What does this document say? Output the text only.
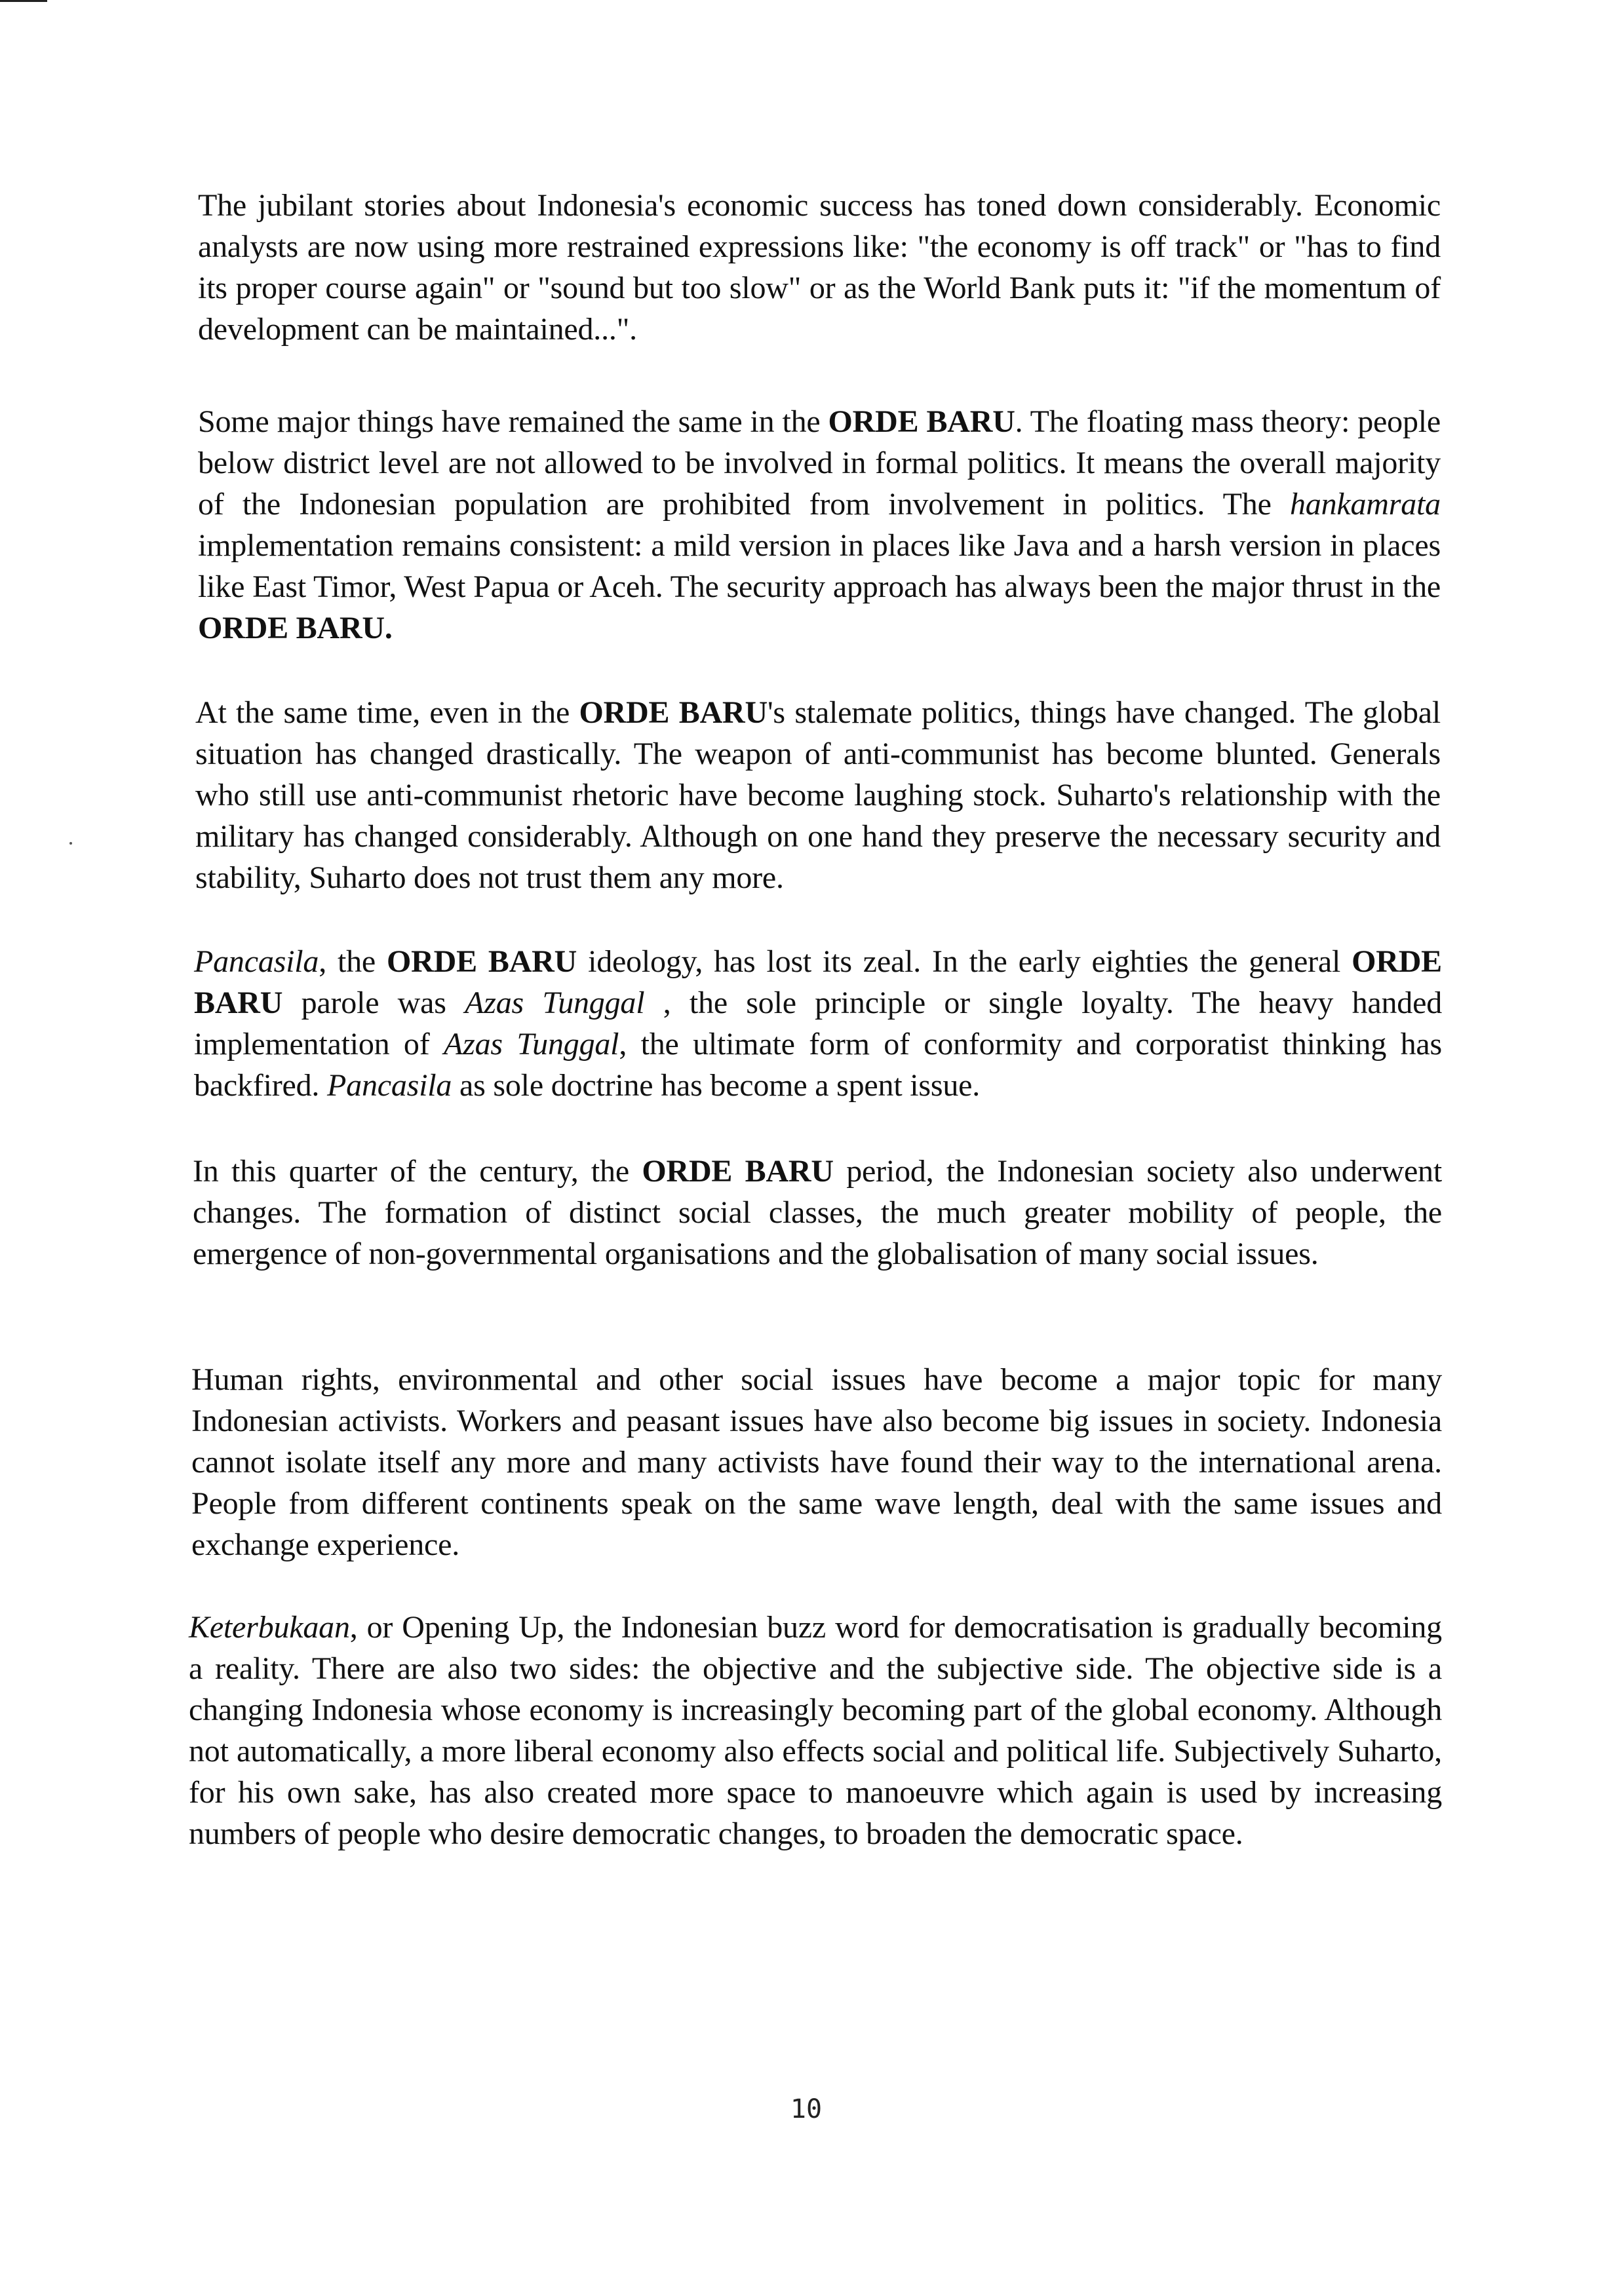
The jubilant stories about Indonesia's economic success has toned down considerably. Economic analysts are now using more restrained expressions like: "the economy is off track" or "has to find its proper course again" or "sound but too slow" or as the World Bank puts it: "if the momentum of development can be maintained...".

Some major things have remained the same in the ORDE BARU. The floating mass theory: people below district level are not allowed to be involved in formal politics. It means the overall majority of the Indonesian population are prohibited from involvement in politics. The hankamrata implementation remains consistent: a mild version in places like Java and a harsh version in places like East Timor, West Papua or Aceh. The security approach has always been the major thrust in the ORDE BARU.

At the same time, even in the ORDE BARU's stalemate politics, things have changed. The global situation has changed drastically. The weapon of anti-communist has become blunted. Generals who still use anti-communist rhetoric have become laughing stock. Suharto's relationship with the military has changed considerably. Although on one hand they preserve the necessary security and stability, Suharto does not trust them any more.

Pancasila, the ORDE BARU ideology, has lost its zeal. In the early eighties the general ORDE BARU parole was Azas Tunggal , the sole principle or single loyalty. The heavy handed implementation of Azas Tunggal, the ultimate form of conformity and corporatist thinking has backfired. Pancasila as sole doctrine has become a spent issue.

In this quarter of the century, the ORDE BARU period, the Indonesian society also underwent changes. The formation of distinct social classes, the much greater mobility of people, the emergence of non-governmental organisations and the globalisation of many social issues.

Human rights, environmental and other social issues have become a major topic for many Indonesian activists. Workers and peasant issues have also become big issues in society. Indonesia cannot isolate itself any more and many activists have found their way to the international arena. People from different continents speak on the same wave length, deal with the same issues and exchange experience.

Keterbukaan, or Opening Up, the Indonesian buzz word for democratisation is gradually becoming a reality. There are also two sides: the objective and the subjective side. The objective side is a changing Indonesia whose economy is increasingly becoming part of the global economy. Although not automatically, a more liberal economy also effects social and political life. Subjectively Suharto, for his own sake, has also created more space to manoeuvre which again is used by increasing numbers of people who desire democratic changes, to broaden the democratic space.

10
